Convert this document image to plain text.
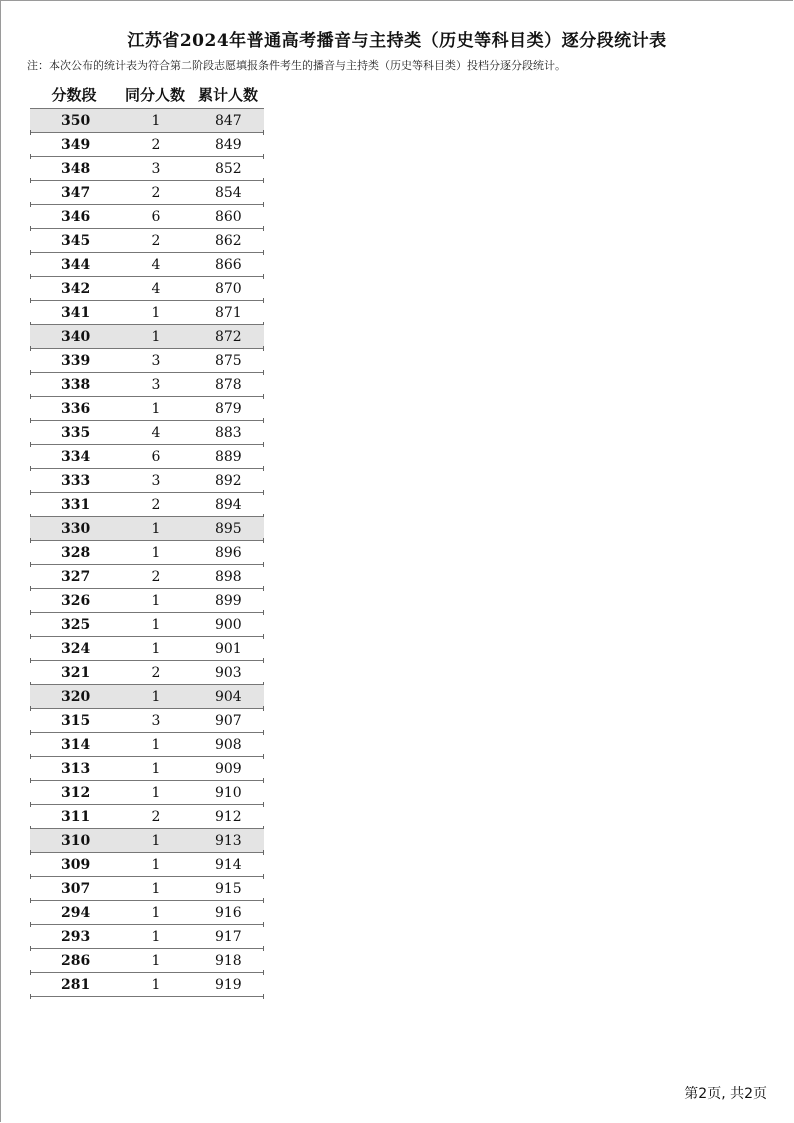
江苏省2024年普通高考播音与主持类（历史等科目类）逐分段统计表
注：本次公布的统计表为符合第二阶段志愿填报条件考生的播音与主持类（历史等科目类）投档分逐分段统计。
分数段	同分人数 累计人数
350	1	847
349	2	849
348	3	852
347	2	854
346	6	860
345	2	862
344	4	866
342	4	870
341	1	871
340	1	872
339	3	875
338	3	878
336	1	879
335	4	883
334	6	889
333	3	892
331	2	894
330	1	895
328	1	896
327	2	898
326	1	899
325	1	900
324	1	901
321	2	903
320	1	904
315	3	907
314	1	908
313	1	909
312	1	910
311	2	912
310	1	913
309	1	914
307	1	915
294	1	916
293	1	917
286	1	918
281	1	919
第2页, 共2页
